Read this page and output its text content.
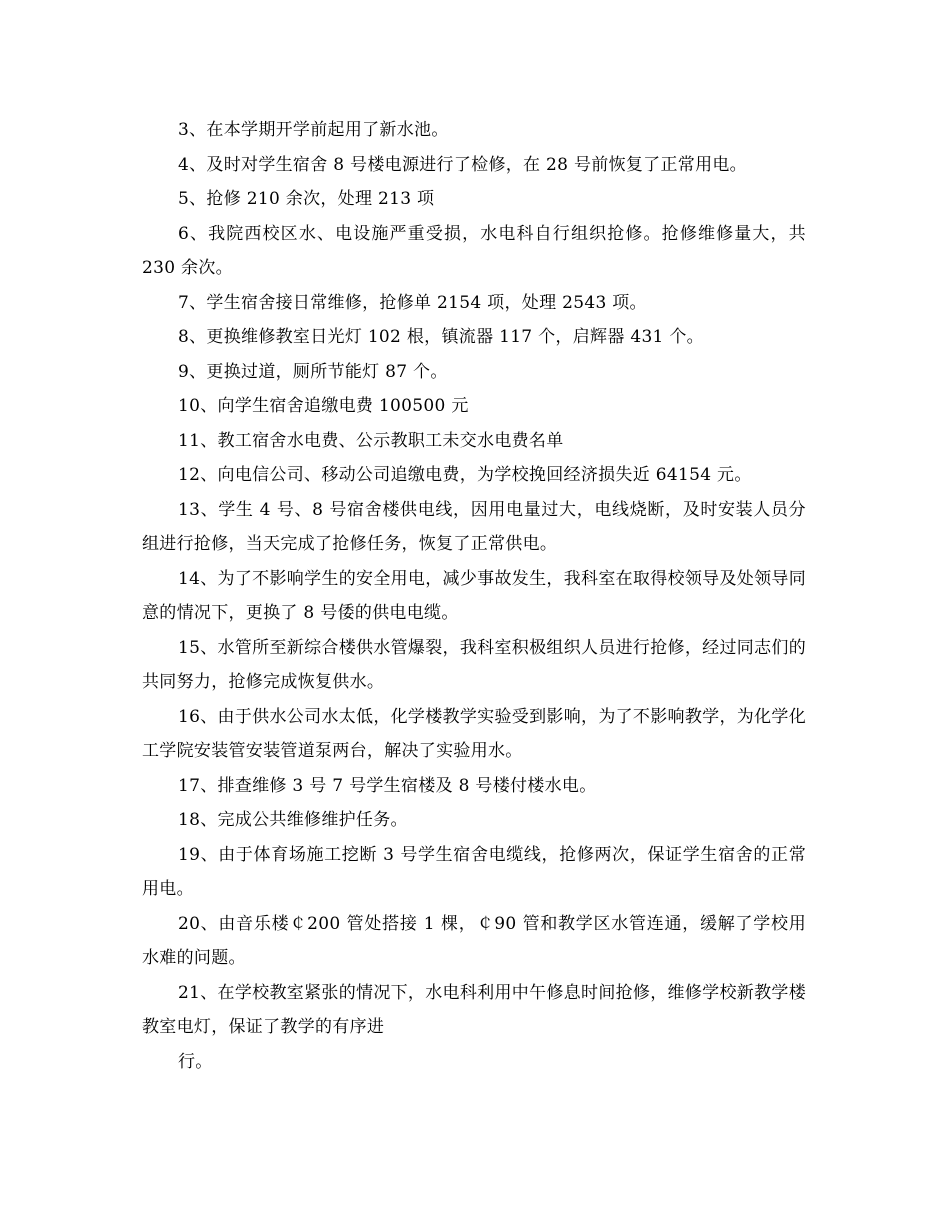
3、在本学期开学前起用了新水池。

4、及时对学生宿舍 8 号楼电源进行了检修，在 28 号前恢复了正常用电。

5、抢修 210 余次，处理 213 项

6、我院西校区水、电设施严重受损，水电科自行组织抢修。抢修维修量大，共 230 余次。

7、学生宿舍接日常维修，抢修单 2154 项，处理 2543 项。

8、更换维修教室日光灯 102 根，镇流器 117 个，启辉器 431 个。

9、更换过道，厕所节能灯 87 个。

10、向学生宿舍追缴电费 100500 元

11、教工宿舍水电费、公示教职工未交水电费名单

12、向电信公司、移动公司追缴电费，为学校挽回经济损失近 64154 元。

13、学生 4 号、8 号宿舍楼供电线，因用电量过大，电线烧断，及时安装人员分组进行抢修，当天完成了抢修任务，恢复了正常供电。

14、为了不影响学生的安全用电，减少事故发生，我科室在取得校领导及处领导同意的情况下，更换了 8 号倭的供电电缆。

15、水管所至新综合楼供水管爆裂，我科室积极组织人员进行抢修，经过同志们的共同努力，抢修完成恢复供水。

16、由于供水公司水太低，化学楼教学实验受到影响，为了不影响教学，为化学化工学院安装管安装管道泵两台，解决了实验用水。

17、排查维修 3 号 7 号学生宿楼及 8 号楼付楼水电。

18、完成公共维修维护任务。

19、由于体育场施工挖断 3 号学生宿舍电缆线，抢修两次，保证学生宿舍的正常用电。

20、由音乐楼￠200 管处搭接 1 棵，￠90 管和教学区水管连通，缓解了学校用水难的问题。

21、在学校教室紧张的情况下，水电科利用中午修息时间抢修，维修学校新教学楼教室电灯，保证了教学的有序进

行。
